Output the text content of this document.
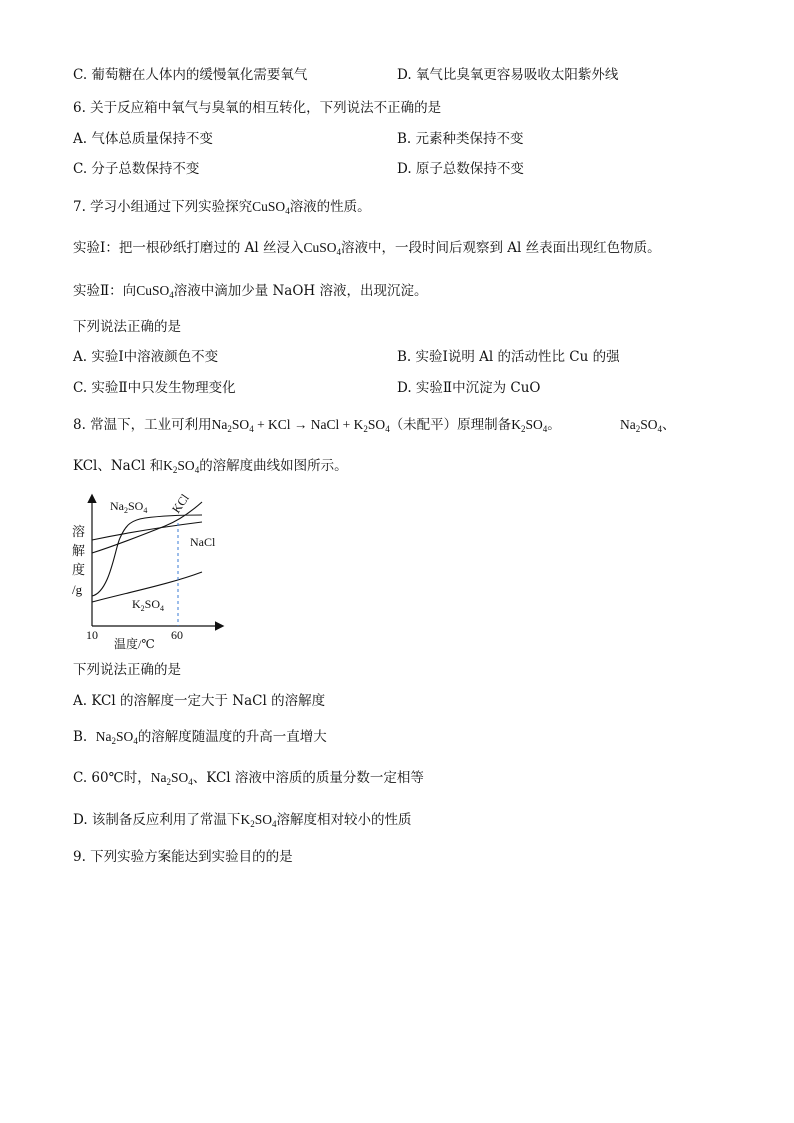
C. 葡萄糖在人体内的缓慢氧化需要氧气	D. 氧气比臭氧更容易吸收太阳紫外线
6. 关于反应箱中氧气与臭氧的相互转化，下列说法不正确的是
A. 气体总质量保持不变	B. 元素种类保持不变
C. 分子总数保持不变	D. 原子总数保持不变
7. 学习小组通过下列实验探究CuSO$_4$溶液的性质。
实验Ⅰ：把一根砂纸打磨过的 Al 丝浸入CuSO$_4$溶液中，一段时间后观察到 Al 丝表面出现红色物质。
实验Ⅱ：向CuSO$_4$溶液中滴加少量 NaOH 溶液，出现沉淀。
下列说法正确的是
A. 实验Ⅰ中溶液颜色不变	B. 实验Ⅰ说明 Al 的活动性比 Cu 的强
C. 实验Ⅱ中只发生物理变化	D. 实验Ⅱ中沉淀为 CuO
8. 常温下，工业可利用$Na_2SO_4$ + KCl → NaCl + $K_2SO_4$（未配平）原理制备$K_2SO_4$。	$Na_2SO_4$、
KCl、NaCl 和$K_2SO_4$的溶解度曲线如图所示。
$Na_2SO_4$ KCl
NaCl
$K_2SO_4$
溶
解
度
/g
10	60
温度/℃
下列说法正确的是
A. KCl 的溶解度一定大于 NaCl 的溶解度
B.  $Na_2SO_4$的溶解度随温度的升高一直增大
C. 60℃时，$Na_2SO_4$、KCl 溶液中溶质的质量分数一定相等
D. 该制备反应利用了常温下$K_2SO_4$溶解度相对较小的性质
9. 下列实验方案能达到实验目的的是
